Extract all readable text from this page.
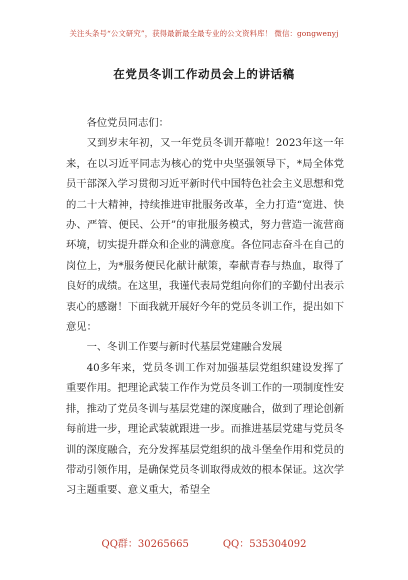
关注头条号“公文研究”，获得最新最全最专业的公文资料库！ 微信：gongwenyj
在党员冬训工作动员会上的讲话稿

各位党员同志们：

又到岁末年初，又一年党员冬训开幕啦！2023年这一年来，在以习近平同志为核心的党中央坚强领导下，*局全体党员干部深入学习贯彻习近平新时代中国特色社会主义思想和党的二十大精神，持续推进审批服务改革，全力打造“宽进、快办、严管、便民、公开”的审批服务模式，努力营造一流营商环境，切实提升群众和企业的满意度。各位同志奋斗在自己的岗位上，为*服务便民化献计献策，奉献青春与热血，取得了良好的成绩。在这里，我谨代表局党组向你们的辛勤付出表示衷心的感谢！下面我就开展好今年的党员冬训工作，提出如下意见：

一、冬训工作要与新时代基层党建融合发展

40多年来，党员冬训工作对加强基层党组织建设发挥了重要作用。把理论武装工作作为党员冬训工作的一项制度性安排，推动了党员冬训与基层党建的深度融合，做到了理论创新每前进一步，理论武装就跟进一步。而推进基层党建与党员冬训的深度融合，充分发挥基层党组织的战斗堡垒作用和党员的带动引领作用，是确保党员冬训取得成效的根本保证。这次学习主题重要、意义重大，希望全

QQ群：30265665	QQ：535304092
